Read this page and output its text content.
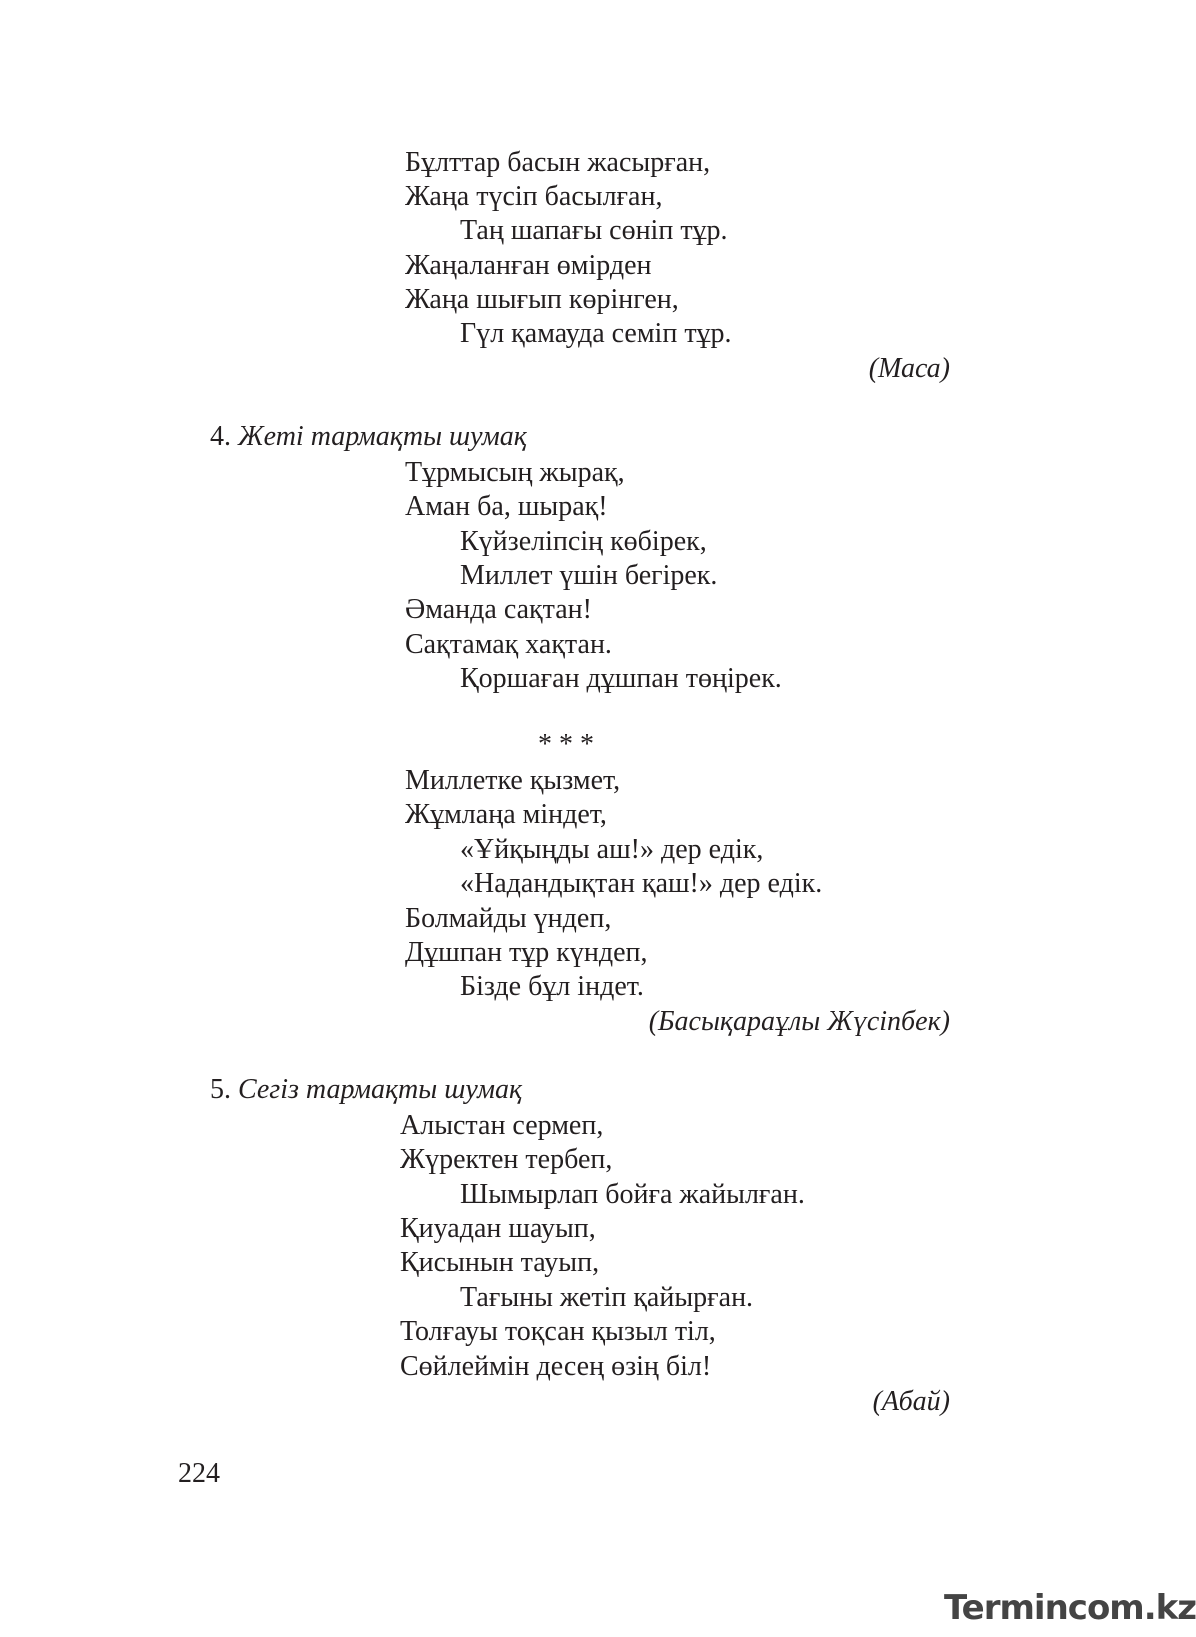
Бұлттар басын жасырған,
Жаңа түсіп басылған,
Таң шапағы сөніп тұр.
Жаңаланған өмірден
Жаңа шығып көрінген,
Гүл қамауда семіп тұр.
(Маса)
4. Жеті тармақты шумақ
Тұрмысың жырақ,
Аман ба, шырақ!
Күйзеліпсің көбірек,
Миллет үшін бегірек.
Әманда сақтан!
Сақтамақ хақтан.
Қоршаған дұшпан төңірек.
* * *
Миллетке қызмет,
Жұмлаңа міндет,
«Ұйқыңды аш!» дер едік,
«Надандықтан қаш!» дер едік.
Болмайды үндеп,
Дұшпан тұр күндеп,
Бізде бұл індет.
(Басықараұлы Жүсіпбек)
5. Сегіз тармақты шумақ
Алыстан сермеп,
Жүректен тербеп,
Шымырлап бойға жайылған.
Қиуадан шауып,
Қисынын тауып,
Тағыны жетіп қайырған.
Толғауы тоқсан қызыл тіл,
Сөйлеймін десең өзің біл!
(Абай)
224
Termincom.kz
